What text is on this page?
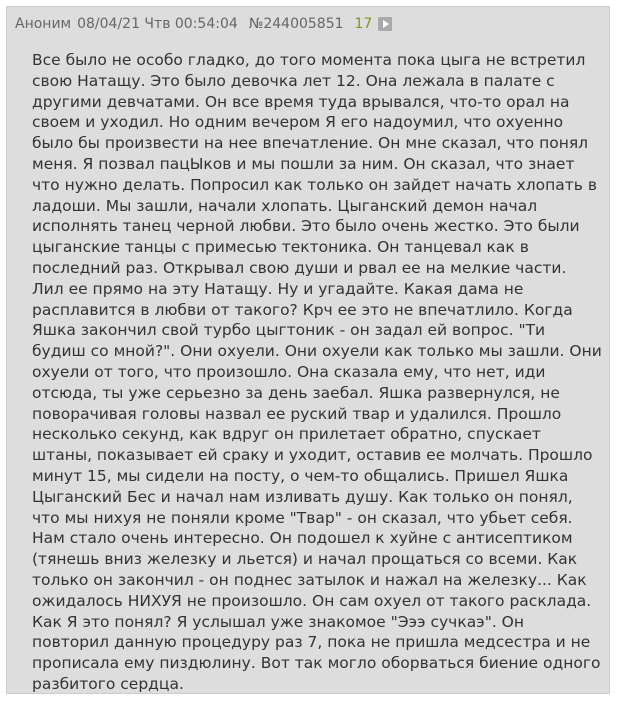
Аноним 08/04/21 Чтв 00:54:04 №244005851 17

Все было не особо гладко, до того момента пока цыга не встретил свою Натащу. Это было девочка лет 12. Она лежала в палате с другими девчатами. Он все время туда врывался, что-то орал на своем и уходил. Но одним вечером Я его надоумил, что охуенно было бы произвести на нее впечатление. Он мне сказал, что понял меня. Я позвал пацЫков и мы пошли за ним. Он сказал, что знает что нужно делать. Попросил как только он зайдет начать хлопать в ладоши. Мы зашли, начали хлопать. Цыганский демон начал исполнять танец черной любви. Это было очень жестко. Это были цыганские танцы с примесью тектоника. Он танцевал как в последний раз. Открывал свою души и рвал ее на мелкие части. Лил ее прямо на эту Натащу. Ну и угадайте. Какая дама не расплавится в любви от такого? Крч ее это не впечатлило. Когда Яшка закончил свой турбо цыгтоник - он задал ей вопрос. "Ти будиш со мной?". Они охуели. Они охуели как только мы зашли. Они охуели от того, что произошло. Она сказала ему, что нет, иди отсюда, ты уже серьезно за день заебал. Яшка развернулся, не поворачивая головы назвал ее руский твар и удалился. Прошло несколько секунд, как вдруг он прилетает обратно, спускает штаны, показывает ей сраку и уходит, оставив ее молчать. Прошло минут 15, мы сидели на посту, о чем-то общались. Пришел Яшка Цыганский Бес и начал нам изливать душу. Как только он понял, что мы нихуя не поняли кроме "Твар" - он сказал, что убьет себя. Нам стало очень интересно. Он подошел к хуйне с антисептиком (тянешь вниз железку и льется) и начал прощаться со всеми. Как только он закончил - он поднес затылок и нажал на железку... Как ожидалось НИХУЯ не произошло. Он сам охуел от такого расклада. Как Я это понял? Я услышал уже знакомое "Эээ сучкаэ". Он повторил данную процедуру раз 7, пока не пришла медсестра и не прописала ему пиздюлину. Вот так могло оборваться биение одного разбитого сердца.
